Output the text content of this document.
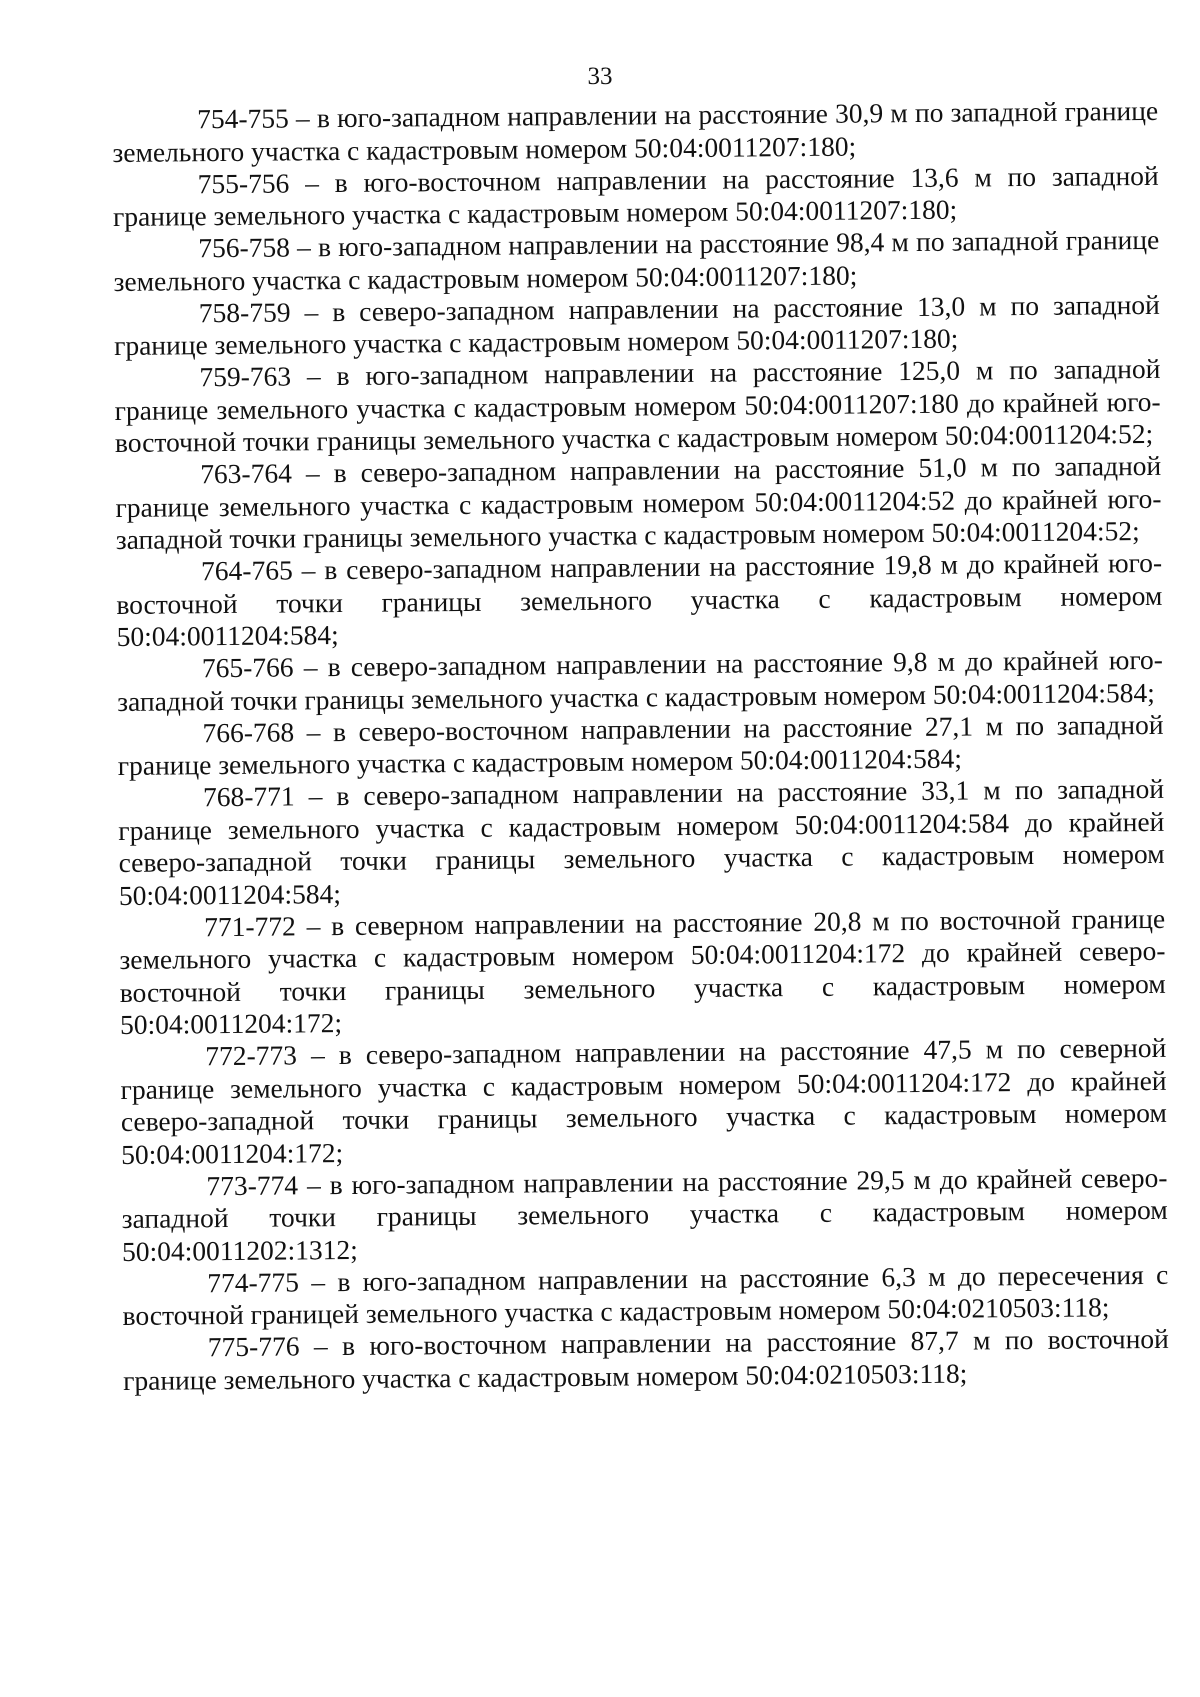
33

754-755 – в юго-западном направлении на расстояние 30,9 м по западной границе земельного участка с кадастровым номером 50:04:0011207:180;

755-756 – в юго-восточном направлении на расстояние 13,6 м по западной границе земельного участка с кадастровым номером 50:04:0011207:180;

756-758 – в юго-западном направлении на расстояние 98,4 м по западной границе земельного участка с кадастровым номером 50:04:0011207:180;

758-759 – в северо-западном направлении на расстояние 13,0 м по западной границе земельного участка с кадастровым номером 50:04:0011207:180;

759-763 – в юго-западном направлении на расстояние 125,0 м по западной границе земельного участка с кадастровым номером 50:04:0011207:180 до крайней юго-восточной точки границы земельного участка с кадастровым номером 50:04:0011204:52;

763-764 – в северо-западном направлении на расстояние 51,0 м по западной границе земельного участка с кадастровым номером 50:04:0011204:52 до крайней юго-западной точки границы земельного участка с кадастровым номером 50:04:0011204:52;

764-765 – в северо-западном направлении на расстояние 19,8 м до крайней юго-восточной точки границы земельного участка с кадастровым номером 50:04:0011204:584;

765-766 – в северо-западном направлении на расстояние 9,8 м до крайней юго-западной точки границы земельного участка с кадастровым номером 50:04:0011204:584;

766-768 – в северо-восточном направлении на расстояние 27,1 м по западной границе земельного участка с кадастровым номером 50:04:0011204:584;

768-771 – в северо-западном направлении на расстояние 33,1 м по западной границе земельного участка с кадастровым номером 50:04:0011204:584 до крайней северо-западной точки границы земельного участка с кадастровым номером 50:04:0011204:584;

771-772 – в северном направлении на расстояние 20,8 м по восточной границе земельного участка с кадастровым номером 50:04:0011204:172 до крайней северо-восточной точки границы земельного участка с кадастровым номером 50:04:0011204:172;

772-773 – в северо-западном направлении на расстояние 47,5 м по северной границе земельного участка с кадастровым номером 50:04:0011204:172 до крайней северо-западной точки границы земельного участка с кадастровым номером 50:04:0011204:172;

773-774 – в юго-западном направлении на расстояние 29,5 м до крайней северо-западной точки границы земельного участка с кадастровым номером 50:04:0011202:1312;

774-775 – в юго-западном направлении на расстояние 6,3 м до пересечения с восточной границей земельного участка с кадастровым номером 50:04:0210503:118;

775-776 – в юго-восточном направлении на расстояние 87,7 м по восточной границе земельного участка с кадастровым номером 50:04:0210503:118;
